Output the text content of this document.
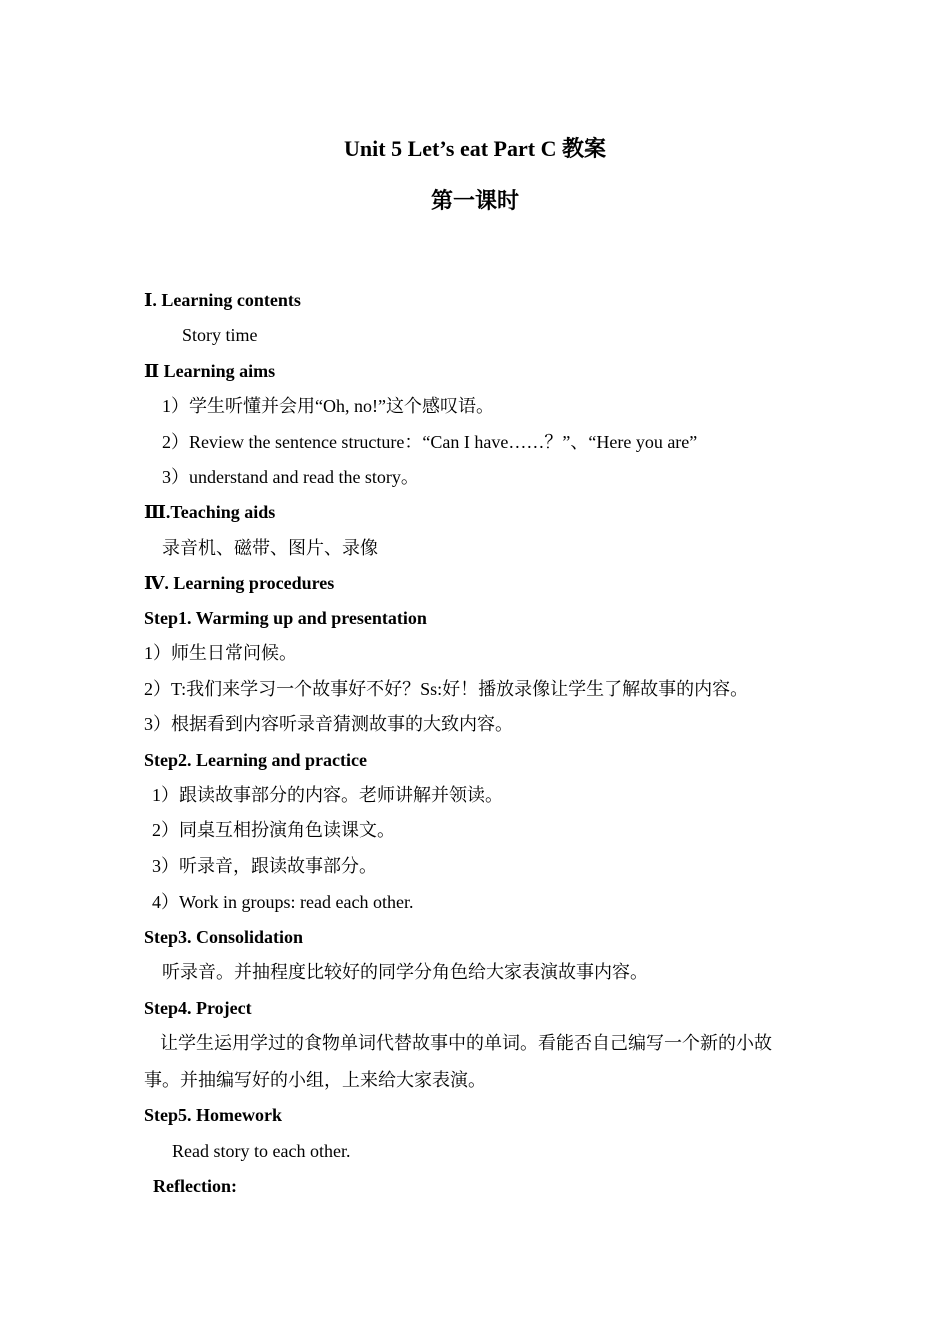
Unit 5 Let’s eat Part C 教案
第一课时
Ⅰ. Learning contents
Story time
Ⅱ Learning aims
1）学生听懂并会用“Oh, no!”这个感叹语。
2）Review the sentence structure：“Can I have……？”、“Here you are”
3）understand and read the story。
Ⅲ.Teaching aids
录音机、磁带、图片、录像
Ⅳ. Learning procedures
Step1. Warming up and presentation
1）师生日常问候。
2）T:我们来学习一个故事好不好？Ss:好！播放录像让学生了解故事的内容。
3）根据看到内容听录音猜测故事的大致内容。
Step2. Learning and practice
1）跟读故事部分的内容。老师讲解并领读。
2）同桌互相扮演角色读课文。
3）听录音，跟读故事部分。
4）Work in groups: read each other.
Step3. Consolidation
听录音。并抽程度比较好的同学分角色给大家表演故事内容。
Step4. Project
让学生运用学过的食物单词代替故事中的单词。看能否自己编写一个新的小故
事。并抽编写好的小组，上来给大家表演。
Step5. Homework
Read story to each other.
Reflection:
